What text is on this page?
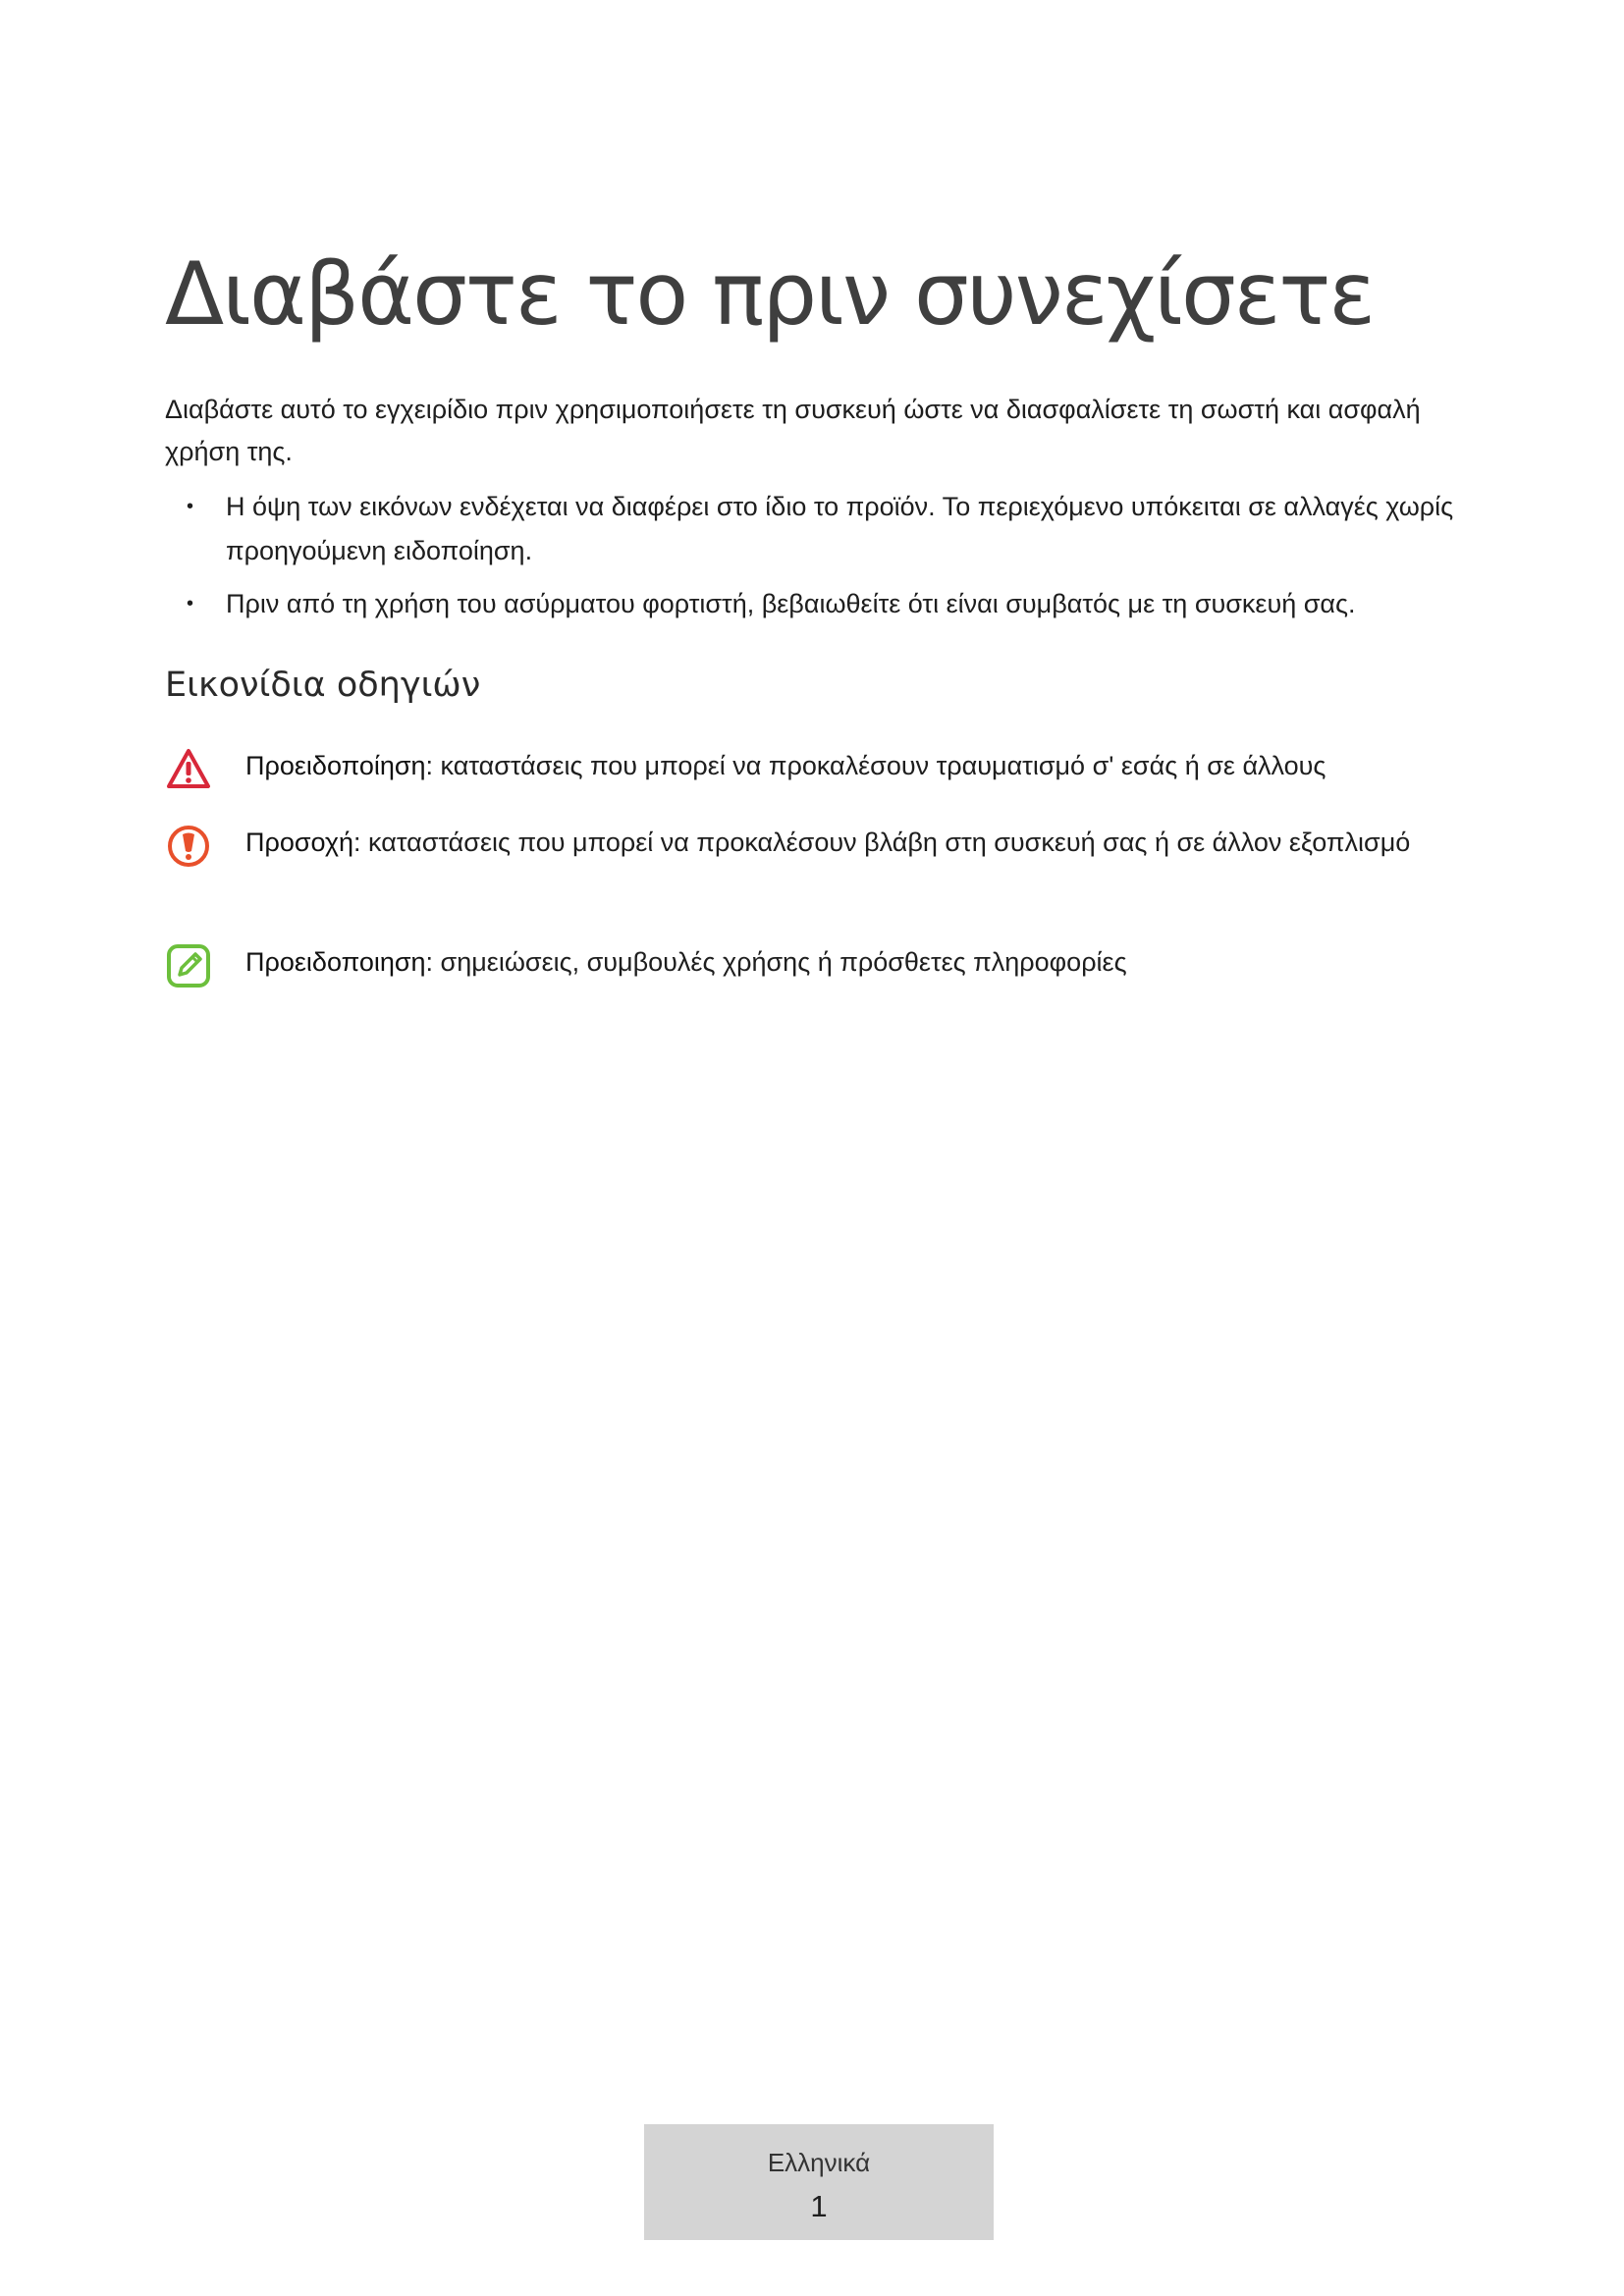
Διαβάστε το πριν συνεχίσετε

Διαβάστε αυτό το εγχειρίδιο πριν χρησιμοποιήσετε τη συσκευή ώστε να διασφαλίσετε τη σωστή και ασφαλή χρήση της.

• Η όψη των εικόνων ενδέχεται να διαφέρει στο ίδιο το προϊόν. Το περιεχόμενο υπόκειται σε αλλαγές χωρίς προηγούμενη ειδοποίηση.
• Πριν από τη χρήση του ασύρματου φορτιστή, βεβαιωθείτε ότι είναι συμβατός με τη συσκευή σας.
Εικονίδια οδηγιών
Προειδοποίηση: καταστάσεις που μπορεί να προκαλέσουν τραυματισμό σ' εσάς ή σε άλλους
Προσοχή: καταστάσεις που μπορεί να προκαλέσουν βλάβη στη συσκευή σας ή σε άλλον εξοπλισμό
Προειδοποιηση: σημειώσεις, συμβουλές χρήσης ή πρόσθετες πληροφορίες
Ελληνικά
1
